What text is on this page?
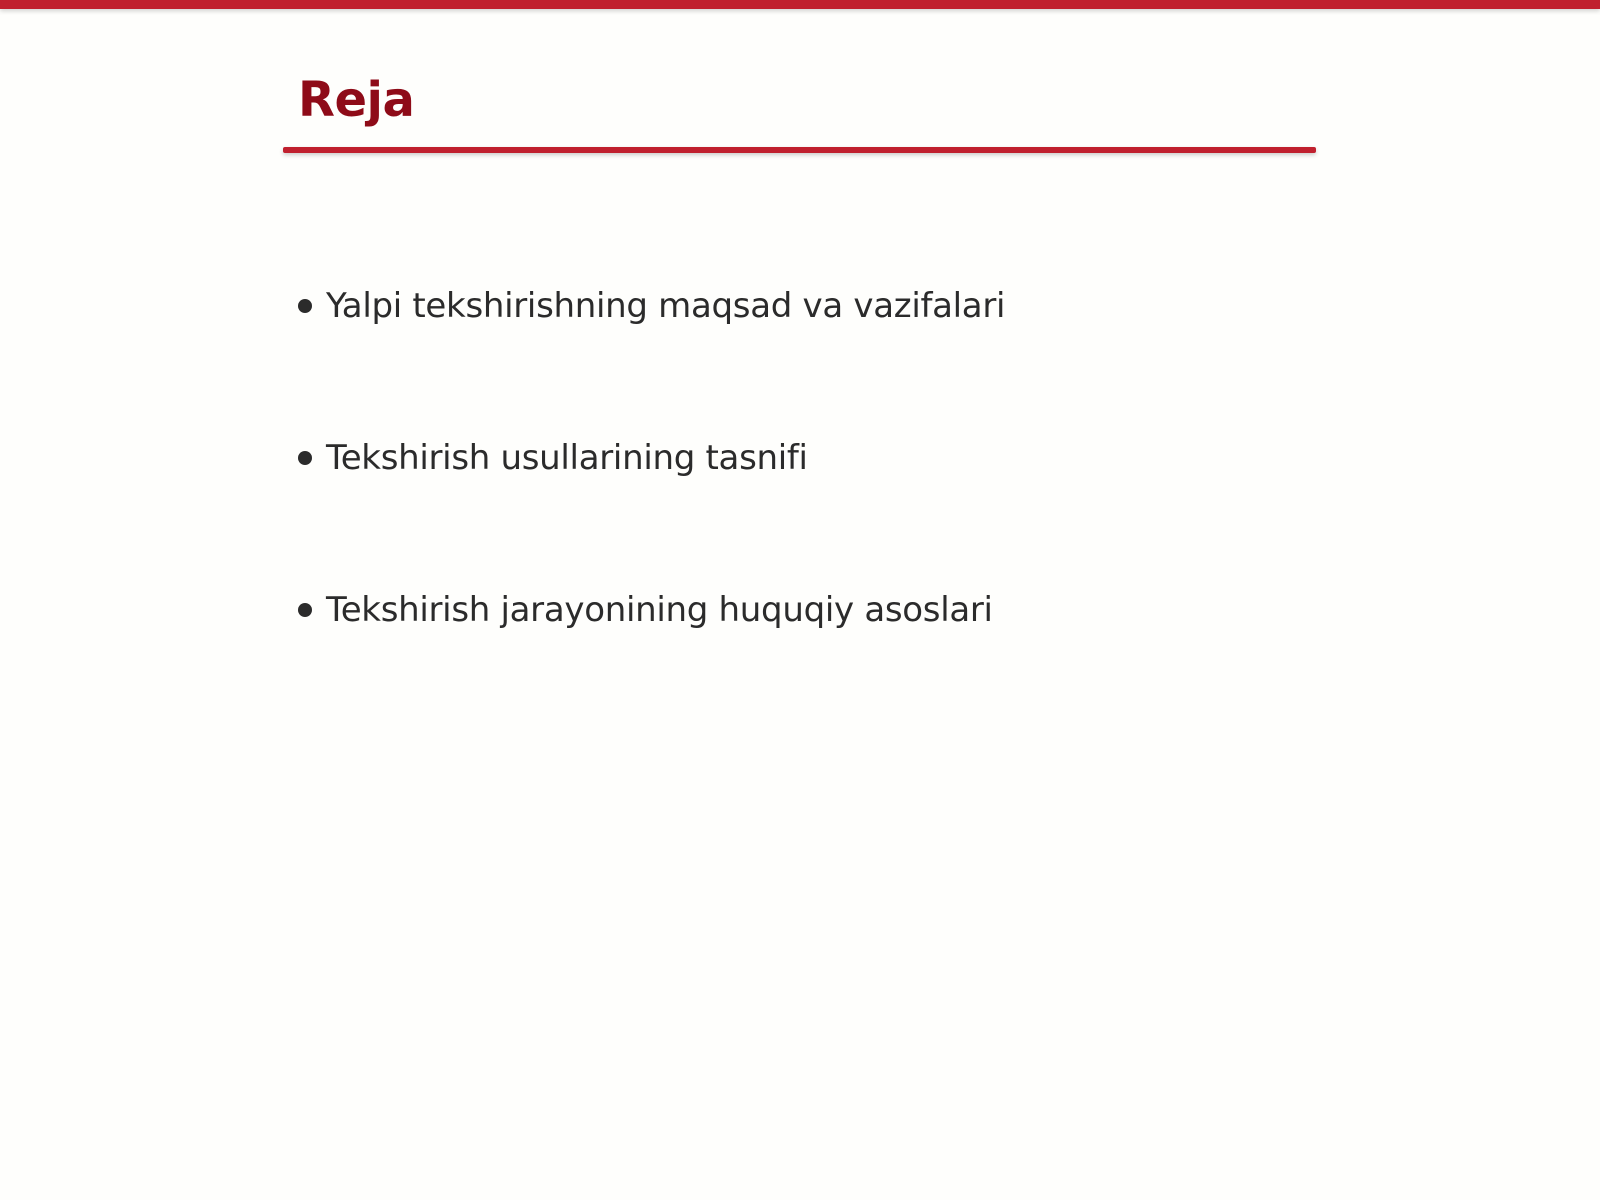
Reja
Yalpi tekshirishning maqsad va vazifalari
Tekshirish usullarining tasnifi
Tekshirish jarayonining huquqiy asoslari
